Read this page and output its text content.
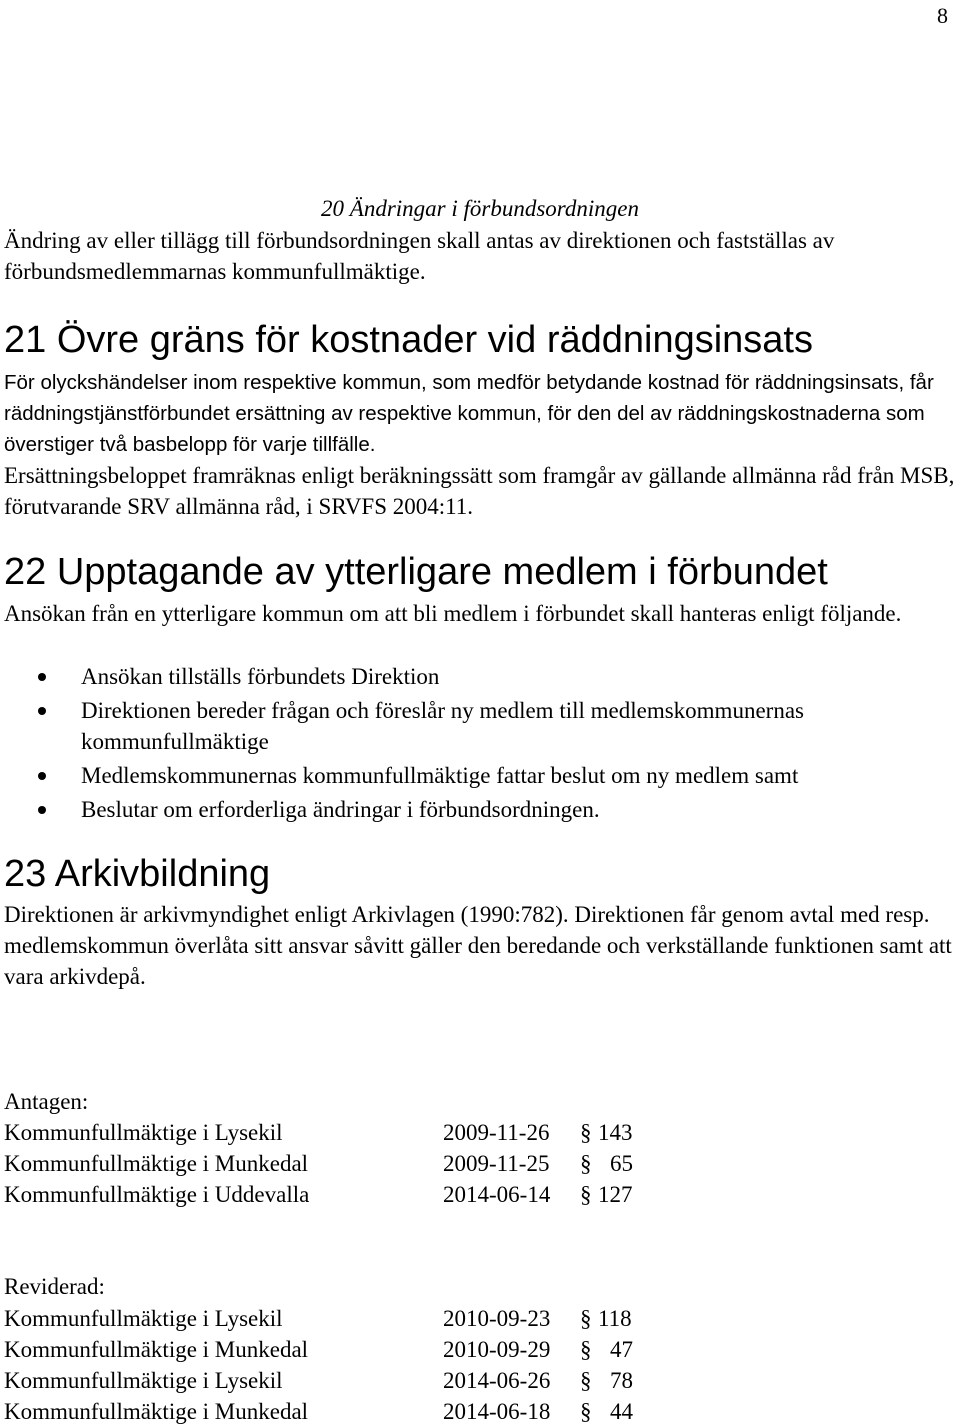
8
20 Ändringar i förbundsordningen
Ändring av eller tillägg till förbundsordningen skall antas av direktionen och fastställas av förbundsmedlemmarnas kommunfullmäktige.
21 Övre gräns för kostnader vid räddningsinsats
För olyckshändelser inom respektive kommun, som medför betydande kostnad för räddningsinsats, får räddningstjänstförbundet ersättning av respektive kommun, för den del av räddningskostnaderna som överstiger två basbelopp för varje tillfälle.
Ersättningsbeloppet framräknas enligt beräkningssätt som framgår av gällande allmänna råd från MSB, förutvarande SRV allmänna råd, i SRVFS 2004:11.
22 Upptagande av ytterligare medlem i förbundet
Ansökan från en ytterligare kommun om att bli medlem i förbundet skall hanteras enligt följande.
Ansökan tillställs förbundets Direktion
Direktionen bereder frågan och föreslår ny medlem till medlemskommunernas kommunfullmäktige
Medlemskommunernas kommunfullmäktige fattar beslut om ny medlem samt
Beslutar om erforderliga ändringar i förbundsordningen.
23 Arkivbildning
Direktionen är arkivmyndighet enligt Arkivlagen (1990:782). Direktionen får genom avtal med resp. medlemskommun överlåta sitt ansvar såvitt gäller den beredande och verkställande funktionen samt att vara arkivdepå.
Antagen:
Kommunfullmäktige i Lysekil	2009-11-26 § 143
Kommunfullmäktige i Munkedal	2009-11-25 § 65
Kommunfullmäktige i Uddevalla	2014-06-14 § 127
Reviderad:
Kommunfullmäktige i Lysekil	2010-09-23 § 118
Kommunfullmäktige i Munkedal	2010-09-29 § 47
Kommunfullmäktige i Lysekil	2014-06-26 § 78
Kommunfullmäktige i Munkedal	2014-06-18 § 44
